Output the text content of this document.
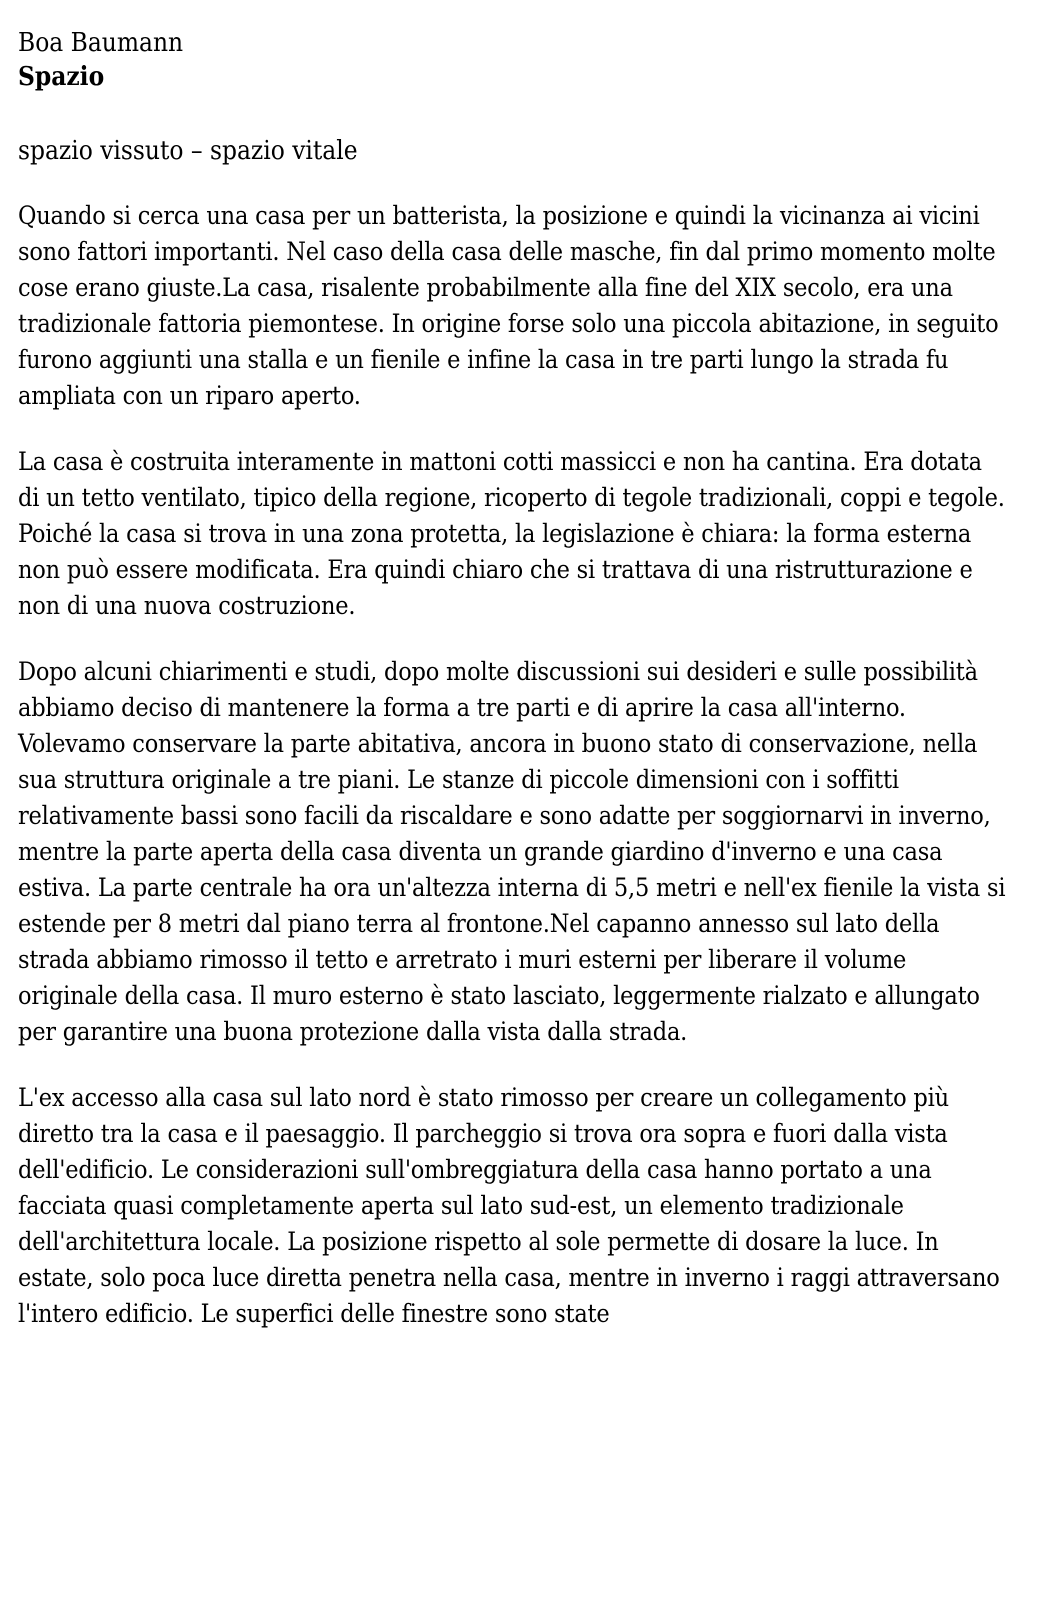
Boa Baumann

Spazio

spazio vissuto – spazio vitale

Quando si cerca una casa per un batterista, la posizione e quindi la vicinanza ai vicini sono fattori importanti. Nel caso della casa delle masche, fin dal primo momento molte cose erano giuste.La casa, risalente probabilmente alla fine del XIX secolo, era una tradizionale fattoria piemontese. In origine forse solo una piccola abitazione, in seguito furono aggiunti una stalla e un fienile e infine la casa in tre parti lungo la strada fu ampliata con un riparo aperto.

La casa è costruita interamente in mattoni cotti massicci e non ha cantina. Era dotata di un tetto ventilato, tipico della regione, ricoperto di tegole tradizionali, coppi e tegole. Poiché la casa si trova in una zona protetta, la legislazione è chiara: la forma esterna non può essere modificata. Era quindi chiaro che si trattava di una ristrutturazione e non di una nuova costruzione.

Dopo alcuni chiarimenti e studi, dopo molte discussioni sui desideri e sulle possibilità abbiamo deciso di mantenere la forma a tre parti e di aprire la casa all'interno. Volevamo conservare la parte abitativa, ancora in buono stato di conservazione, nella sua struttura originale a tre piani. Le stanze di piccole dimensioni con i soffitti relativamente bassi sono facili da riscaldare e sono adatte per soggiornarvi in inverno, mentre la parte aperta della casa diventa un grande giardino d'inverno e una casa estiva. La parte centrale ha ora un'altezza interna di 5,5 metri e nell'ex fienile la vista si estende per 8 metri dal piano terra al frontone.Nel capanno annesso sul lato della strada abbiamo rimosso il tetto e arretrato i muri esterni per liberare il volume originale della casa. Il muro esterno è stato lasciato, leggermente rialzato e allungato per garantire una buona protezione dalla vista dalla strada.

L'ex accesso alla casa sul lato nord è stato rimosso per creare un collegamento più diretto tra la casa e il paesaggio. Il parcheggio si trova ora sopra e fuori dalla vista dell'edificio. Le considerazioni sull'ombreggiatura della casa hanno portato a una facciata quasi completamente aperta sul lato sud-est, un elemento tradizionale dell'architettura locale. La posizione rispetto al sole permette di dosare la luce. In estate, solo poca luce diretta penetra nella casa, mentre in inverno i raggi attraversano l'intero edificio. Le superfici delle finestre sono state
